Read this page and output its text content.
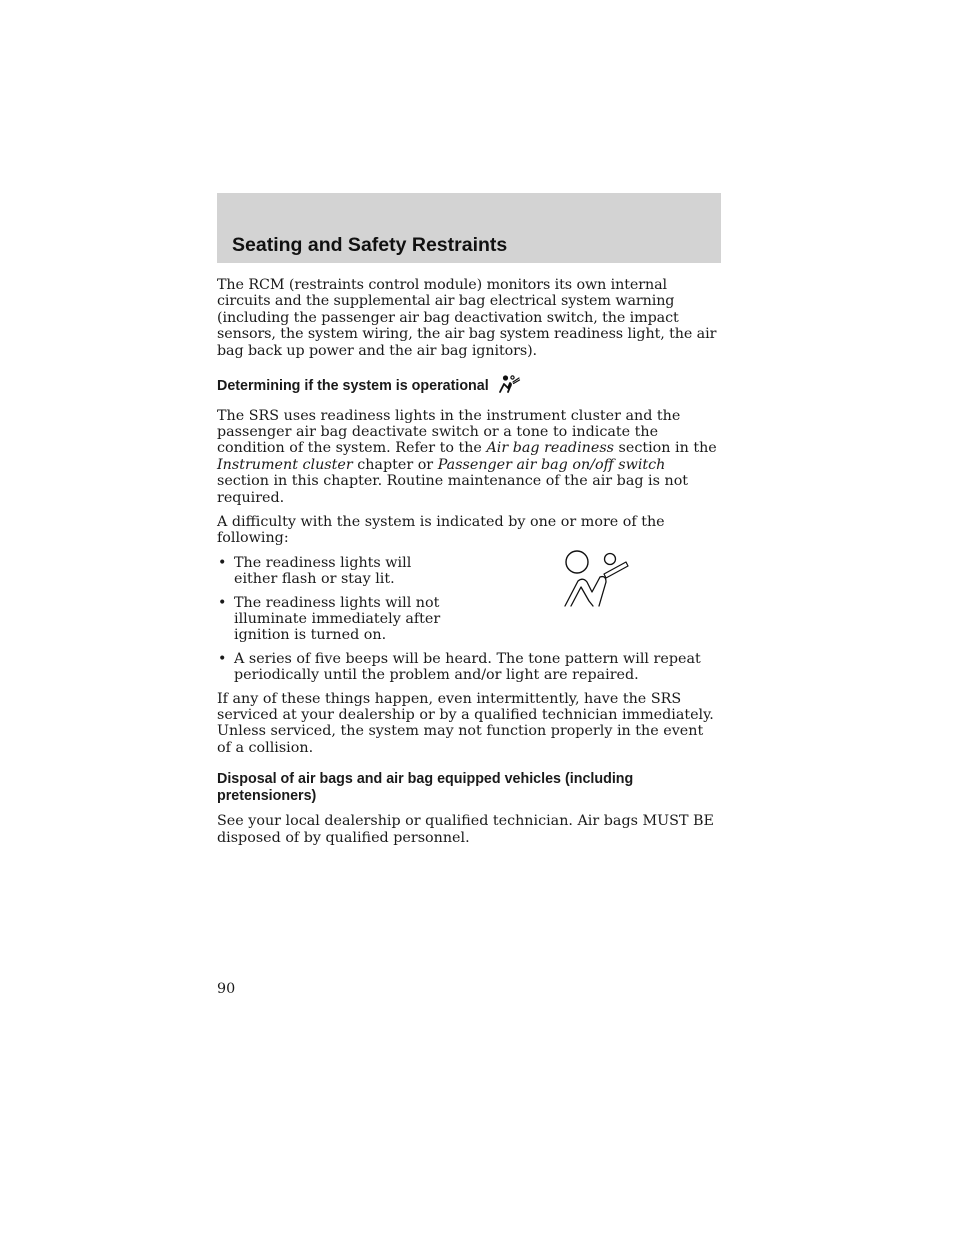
Seating and Safety Restraints

The RCM (restraints control module) monitors its own internal circuits and the supplemental air bag electrical system warning (including the passenger air bag deactivation switch, the impact sensors, the system wiring, the air bag system readiness light, the air bag back up power and the air bag ignitors).

Determining if the system is operational

The SRS uses readiness lights in the instrument cluster and the passenger air bag deactivate switch or a tone to indicate the condition of the system. Refer to the Air bag readiness section in the Instrument cluster chapter or Passenger air bag on/off switch section in this chapter. Routine maintenance of the air bag is not required.

A difficulty with the system is indicated by one or more of the following:

• The readiness lights will either flash or stay lit.
• The readiness lights will not illuminate immediately after ignition is turned on.
• A series of five beeps will be heard. The tone pattern will repeat periodically until the problem and/or light are repaired.

If any of these things happen, even intermittently, have the SRS serviced at your dealership or by a qualified technician immediately. Unless serviced, the system may not function properly in the event of a collision.

Disposal of air bags and air bag equipped vehicles (including pretensioners)

See your local dealership or qualified technician. Air bags MUST BE disposed of by qualified personnel.

90
